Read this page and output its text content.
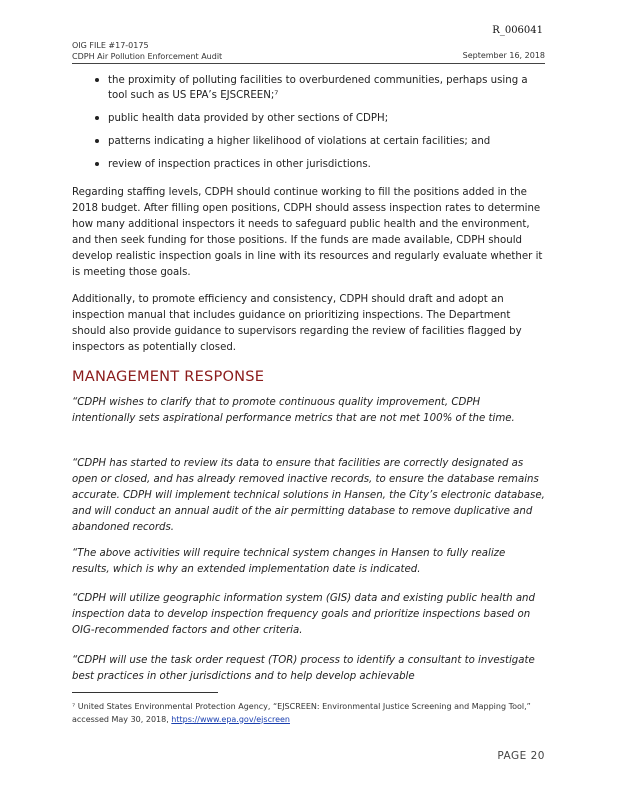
R_006041
OIG FILE #17-0175
CDPH Air Pollution Enforcement Audit	September 16, 2018
the proximity of polluting facilities to overburdened communities, perhaps using a tool such as US EPA’s EJSCREEN;⁷
public health data provided by other sections of CDPH;
patterns indicating a higher likelihood of violations at certain facilities; and
review of inspection practices in other jurisdictions.

Regarding staffing levels, CDPH should continue working to fill the positions added in the 2018 budget. After filling open positions, CDPH should assess inspection rates to determine how many additional inspectors it needs to safeguard public health and the environment, and then seek funding for those positions. If the funds are made available, CDPH should develop realistic inspection goals in line with its resources and regularly evaluate whether it is meeting those goals.

Additionally, to promote efficiency and consistency, CDPH should draft and adopt an inspection manual that includes guidance on prioritizing inspections. The Department should also provide guidance to supervisors regarding the review of facilities flagged by inspectors as potentially closed.

MANAGEMENT RESPONSE

“CDPH wishes to clarify that to promote continuous quality improvement, CDPH intentionally sets aspirational performance metrics that are not met 100% of the time.

“CDPH has started to review its data to ensure that facilities are correctly designated as open or closed, and has already removed inactive records, to ensure the database remains accurate. CDPH will implement technical solutions in Hansen, the City’s electronic database, and will conduct an annual audit of the air permitting database to remove duplicative and abandoned records.

“The above activities will require technical system changes in Hansen to fully realize results, which is why an extended implementation date is indicated.

“CDPH will utilize geographic information system (GIS) data and existing public health and inspection data to develop inspection frequency goals and prioritize inspections based on OIG-recommended factors and other criteria.

“CDPH will use the task order request (TOR) process to identify a consultant to investigate best practices in other jurisdictions and to help develop achievable

⁷ United States Environmental Protection Agency, “EJSCREEN: Environmental Justice Screening and Mapping Tool,” accessed May 30, 2018, https://www.epa.gov/ejscreen

PAGE 20
